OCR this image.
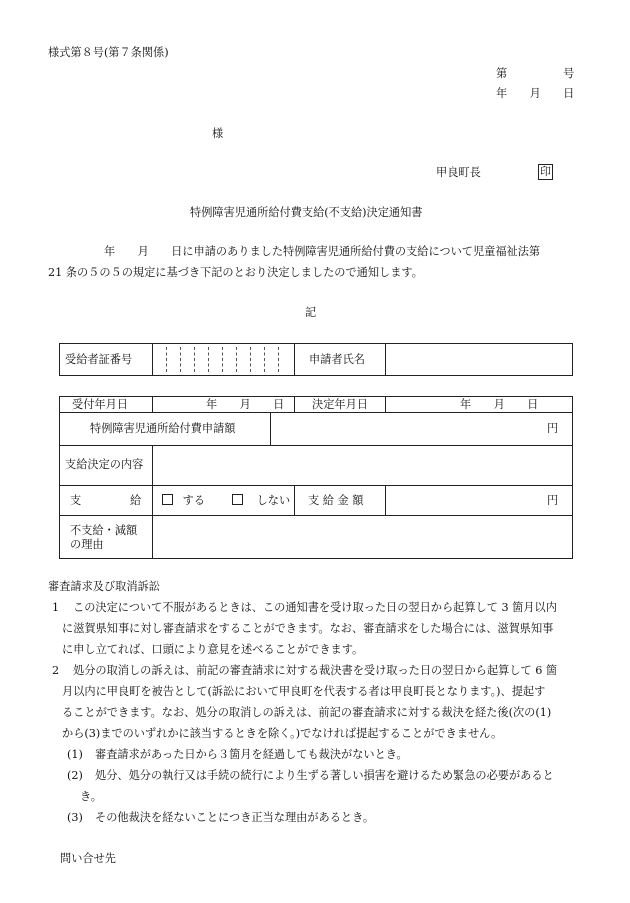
様式第８号(第７条関係)
第　　　　　号
年　　月　　日
様
甲良町長	印
特例障害児通所給付費支給(不支給)決定通知書
年　　月　　日に申請のありました特例障害児通所給付費の支給について児童福祉法第
21 条の５の５の規定に基づき下記のとおり決定しましたので通知します。
記
受給者証番号	申請者氏名
受付年月日	年　　月　　日 決定年月日	年　　月　　日
特例障害児通所給付費申請額	円
支給決定の内容
支	給	する	しない 支 給 金 額	円
不支給・減額
の理由
審査請求及び取消訴訟
1 この決定について不服があるときは、この通知書を受け取った日の翌日から起算して 3 箇月以内
に滋賀県知事に対し審査請求をすることができます。なお、審査請求をした場合には、滋賀県知事
に申し立てれば、口頭により意見を述べることができます。
2 処分の取消しの訴えは、前記の審査請求に対する裁決書を受け取った日の翌日から起算して 6 箇
月以内に甲良町を被告として(訴訟において甲良町を代表する者は甲良町長となります。)、提起す
ることができます。なお、処分の取消しの訴えは、前記の審査請求に対する裁決を経た後(次の(1)
から(3)までのいずれかに該当するときを除く。)でなければ提起することができません。
(1) 審査請求があった日から３箇月を経過しても裁決がないとき。
(2) 処分、処分の執行又は手続の続行により生ずる著しい損害を避けるため緊急の必要があると
き。
(3) その他裁決を経ないことにつき正当な理由があるとき。
問い合せ先
